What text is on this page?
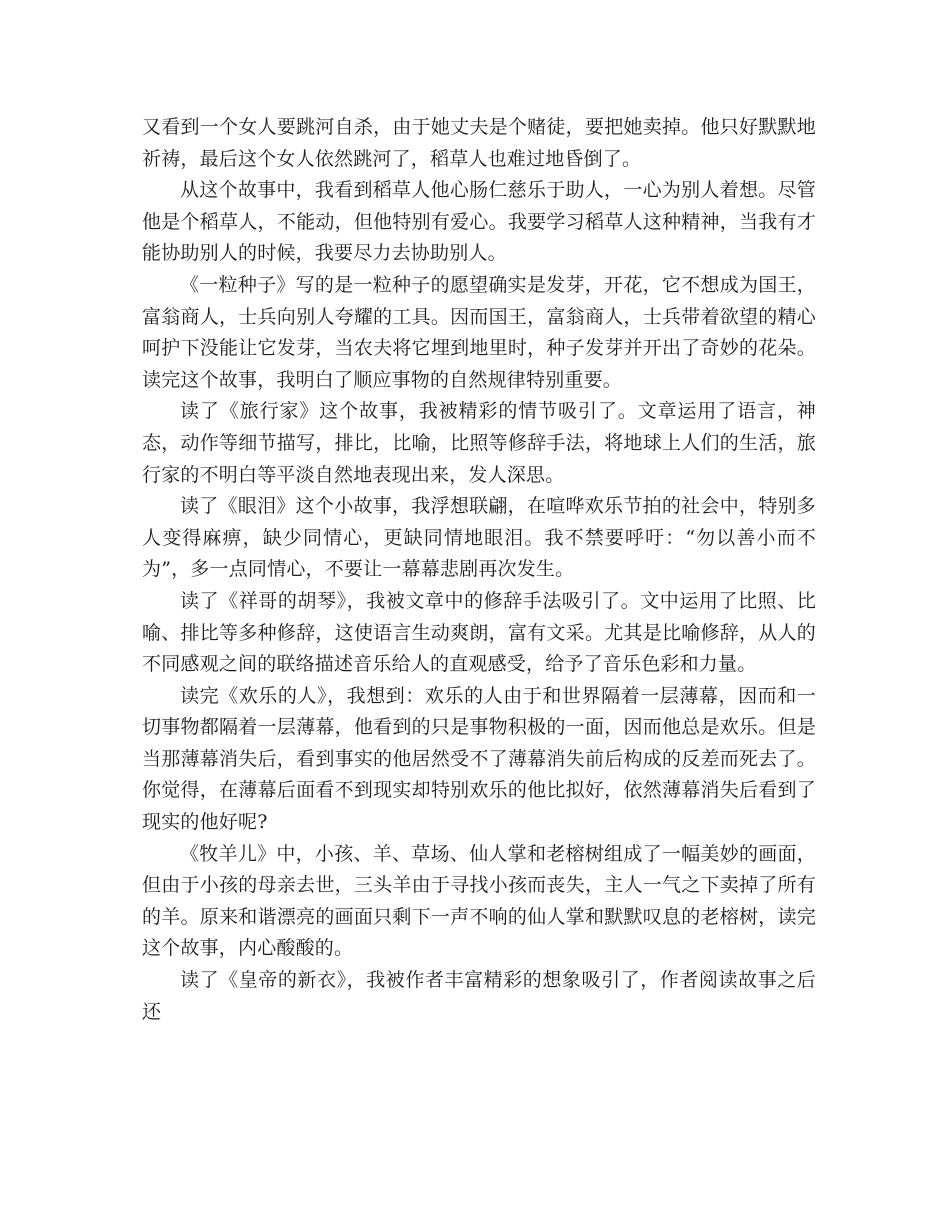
又看到一个女人要跳河自杀，由于她丈夫是个赌徒，要把她卖掉。他只好默默地祈祷，最后这个女人依然跳河了，稻草人也难过地昏倒了。

从这个故事中，我看到稻草人他心肠仁慈乐于助人，一心为别人着想。尽管他是个稻草人，不能动，但他特别有爱心。我要学习稻草人这种精神，当我有才能协助别人的时候，我要尽力去协助别人。

《一粒种子》写的是一粒种子的愿望确实是发芽，开花，它不想成为国王，富翁商人，士兵向别人夸耀的工具。因而国王，富翁商人，士兵带着欲望的精心呵护下没能让它发芽，当农夫将它埋到地里时，种子发芽并开出了奇妙的花朵。读完这个故事，我明白了顺应事物的自然规律特别重要。

读了《旅行家》这个故事，我被精彩的情节吸引了。文章运用了语言，神态，动作等细节描写，排比，比喻，比照等修辞手法，将地球上人们的生活，旅行家的不明白等平淡自然地表现出来，发人深思。

读了《眼泪》这个小故事，我浮想联翩，在喧哗欢乐节拍的社会中，特别多人变得麻痹，缺少同情心，更缺同情地眼泪。我不禁要呼吁：“勿以善小而不为”，多一点同情心，不要让一幕幕悲剧再次发生。

读了《祥哥的胡琴》，我被文章中的修辞手法吸引了。文中运用了比照、比喻、排比等多种修辞，这使语言生动爽朗，富有文采。尤其是比喻修辞，从人的不同感观之间的联络描述音乐给人的直观感受，给予了音乐色彩和力量。

读完《欢乐的人》，我想到：欢乐的人由于和世界隔着一层薄幕，因而和一切事物都隔着一层薄幕，他看到的只是事物积极的一面，因而他总是欢乐。但是当那薄幕消失后，看到事实的他居然受不了薄幕消失前后构成的反差而死去了。你觉得，在薄幕后面看不到现实却特别欢乐的他比拟好，依然薄幕消失后看到了现实的他好呢?

《牧羊儿》中，小孩、羊、草场、仙人掌和老榕树组成了一幅美妙的画面，但由于小孩的母亲去世，三头羊由于寻找小孩而丧失，主人一气之下卖掉了所有的羊。原来和谐漂亮的画面只剩下一声不响的仙人掌和默默叹息的老榕树，读完这个故事，内心酸酸的。

读了《皇帝的新衣》，我被作者丰富精彩的想象吸引了，作者阅读故事之后还
